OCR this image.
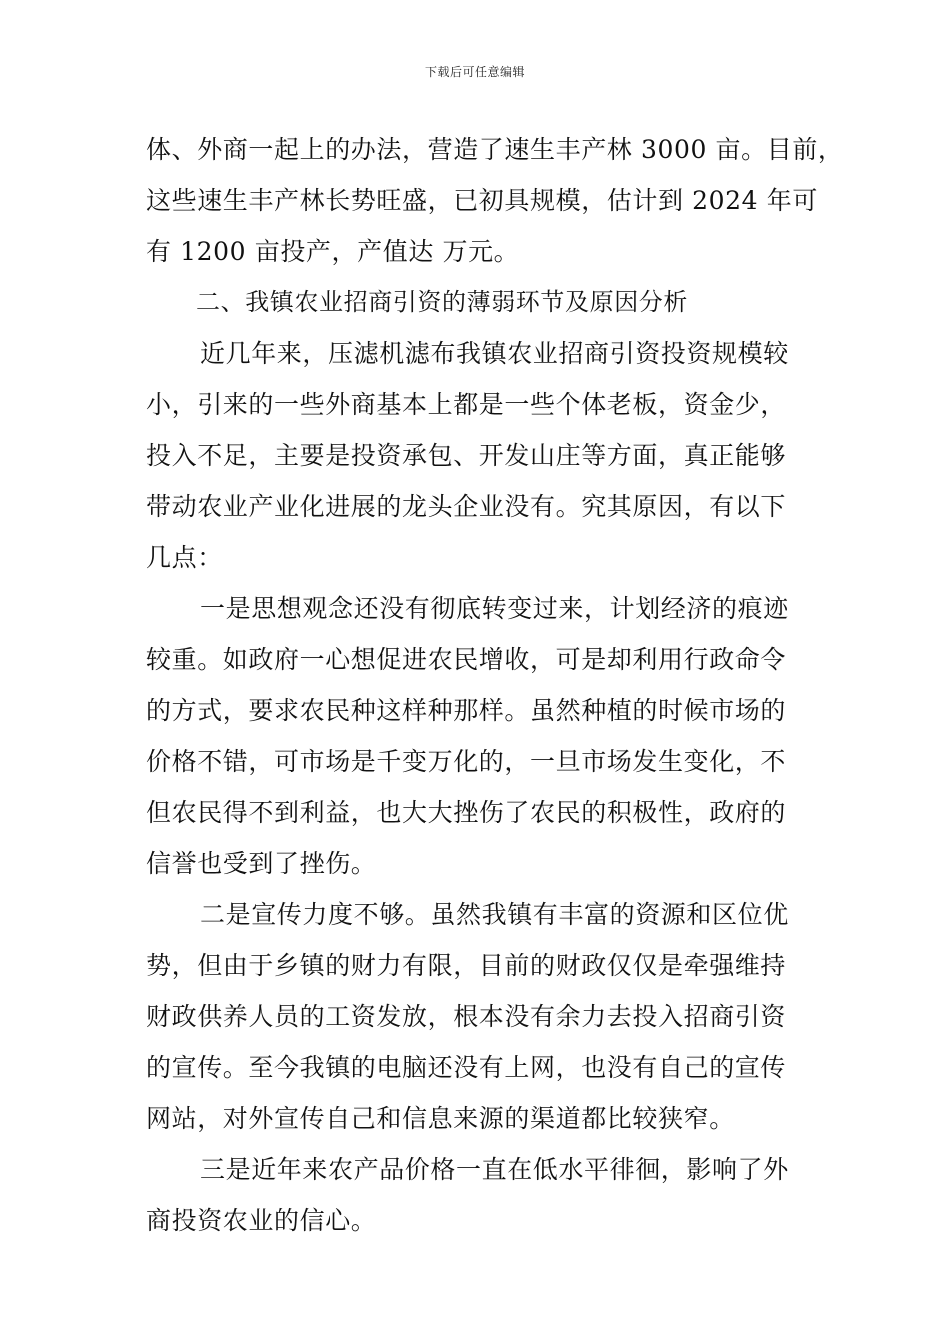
下载后可任意编辑
体、外商一起上的办法，营造了速生丰产林 3000 亩。目前，
这些速生丰产林长势旺盛，已初具规模，估计到 2024 年可
有 1200 亩投产，产值达 万元。
二、我镇农业招商引资的薄弱环节及原因分析
近几年来，压滤机滤布我镇农业招商引资投资规模较
小，引来的一些外商基本上都是一些个体老板，资金少，
投入不足，主要是投资承包、开发山庄等方面，真正能够
带动农业产业化进展的龙头企业没有。究其原因，有以下
几点：
一是思想观念还没有彻底转变过来，计划经济的痕迹
较重。如政府一心想促进农民增收，可是却利用行政命令
的方式，要求农民种这样种那样。虽然种植的时候市场的
价格不错，可市场是千变万化的，一旦市场发生变化，不
但农民得不到利益，也大大挫伤了农民的积极性，政府的
信誉也受到了挫伤。
二是宣传力度不够。虽然我镇有丰富的资源和区位优
势，但由于乡镇的财力有限，目前的财政仅仅是牵强维持
财政供养人员的工资发放，根本没有余力去投入招商引资
的宣传。至今我镇的电脑还没有上网，也没有自己的宣传
网站，对外宣传自己和信息来源的渠道都比较狭窄。
三是近年来农产品价格一直在低水平徘徊，影响了外
商投资农业的信心。
